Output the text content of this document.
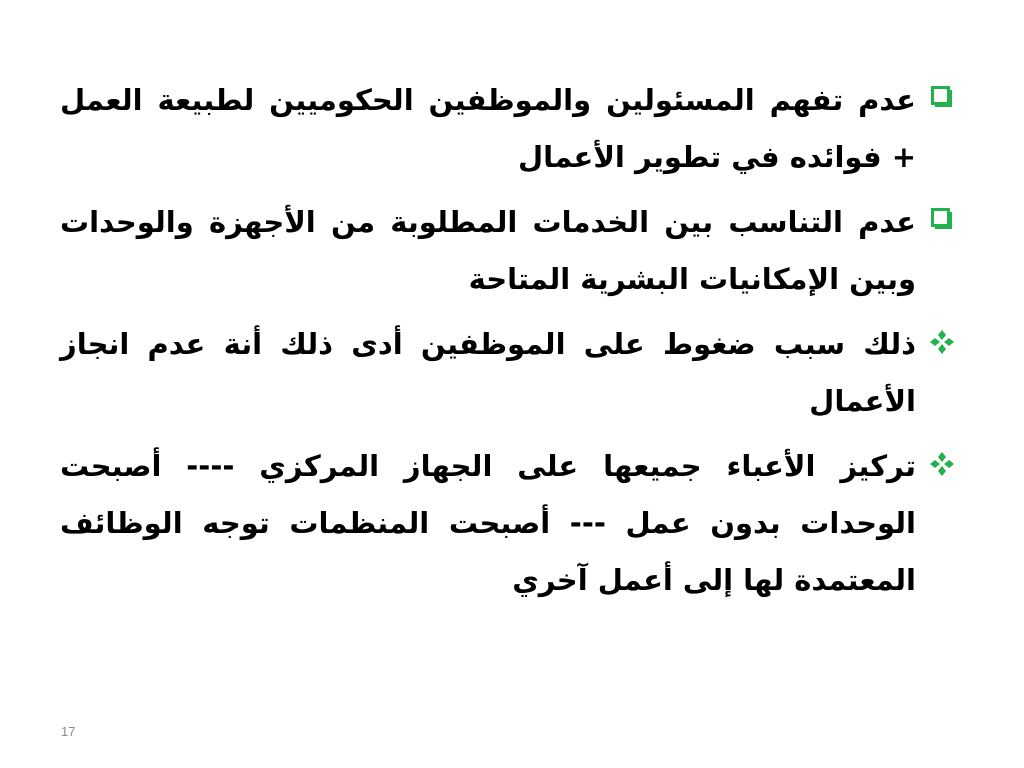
عدم تفهم المسئولين والموظفين الحكوميين لطبيعة العمل + فوائده في تطوير الأعمال
عدم التناسب بين الخدمات المطلوبة من الأجهزة والوحدات وبين الإمكانيات البشرية المتاحة
ذلك سبب ضغوط على الموظفين أدى ذلك أنة عدم انجاز الأعمال
تركيز الأعباء جميعها على الجهاز المركزي ---- أصبحت الوحدات بدون عمل --- أصبحت المنظمات توجه الوظائف المعتمدة لها إلى أعمل آخري
17
